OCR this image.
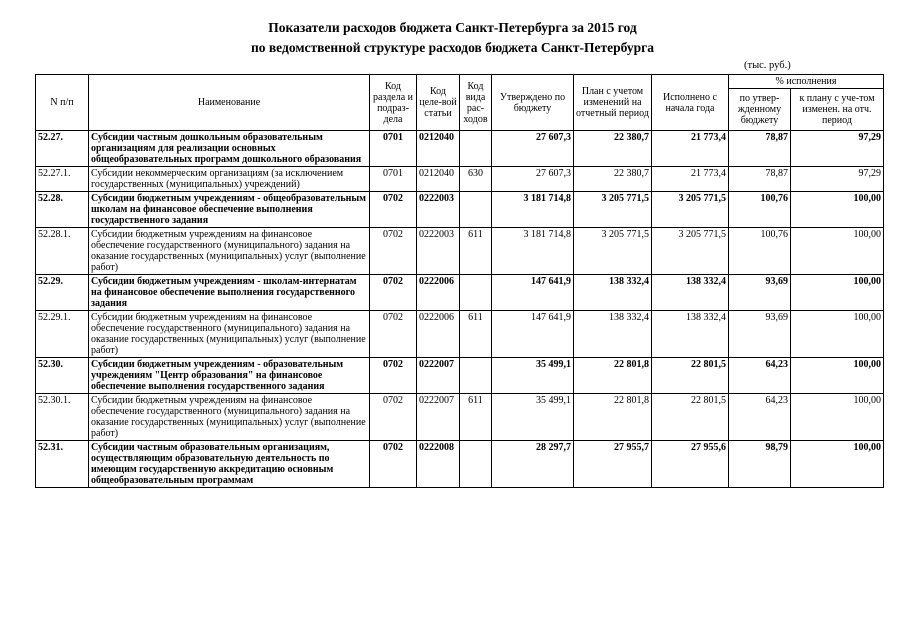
Показатели расходов бюджета Санкт-Петербурга за 2015 год
по ведомственной структуре расходов бюджета Санкт-Петербурга
(тыс. руб.)
N п/п	Наименование	Код раздела и подраз-дела	Код целе-вой статьи	Код вида рас-ходов	Утверждено по бюджету	План с учетом изменений на отчетный период	Исполнено с начала года	% исполнения	
								по утвер-жденному бюджету	к плану с уче-том изменен. на отч. период
52.27.	Субсидии частным дошкольным образовательным организациям для реализации основных общеобразовательных программ дошкольного образования	0701	0212040		27 607,3	22 380,7	21 773,4	78,87	97,29
52.27.1.	Субсидии некоммерческим организациям (за исключением государственных (муниципальных) учреждений)	0701	0212040	630	27 607,3	22 380,7	21 773,4	78,87	97,29
52.28.	Субсидии бюджетным учреждениям - общеобразовательным школам на финансовое обеспечение выполнения государственного задания	0702	0222003		3 181 714,8	3 205 771,5	3 205 771,5	100,76	100,00
52.28.1.	Субсидии бюджетным учреждениям на финансовое обеспечение государственного (муниципального) задания на оказание государственных (муниципальных) услуг (выполнение работ)	0702	0222003	611	3 181 714,8	3 205 771,5	3 205 771,5	100,76	100,00
52.29.	Субсидии бюджетным учреждениям - школам-интернатам на финансовое обеспечение выполнения государственного задания	0702	0222006		147 641,9	138 332,4	138 332,4	93,69	100,00
52.29.1.	Субсидии бюджетным учреждениям на финансовое обеспечение государственного (муниципального) задания на оказание государственных (муниципальных) услуг (выполнение работ)	0702	0222006	611	147 641,9	138 332,4	138 332,4	93,69	100,00
52.30.	Субсидии бюджетным учреждениям - образовательным учреждениям "Центр образования" на финансовое обеспечение выполнения государственного задания	0702	0222007		35 499,1	22 801,8	22 801,5	64,23	100,00
52.30.1.	Субсидии бюджетным учреждениям на финансовое обеспечение государственного (муниципального) задания на оказание государственных (муниципальных) услуг (выполнение работ)	0702	0222007	611	35 499,1	22 801,8	22 801,5	64,23	100,00
52.31.	Субсидии частным образовательным организациям, осуществляющим образовательную деятельность по имеющим государственную аккредитацию основным общеобразовательным программам	0702	0222008		28 297,7	27 955,7	27 955,6	98,79	100,00
